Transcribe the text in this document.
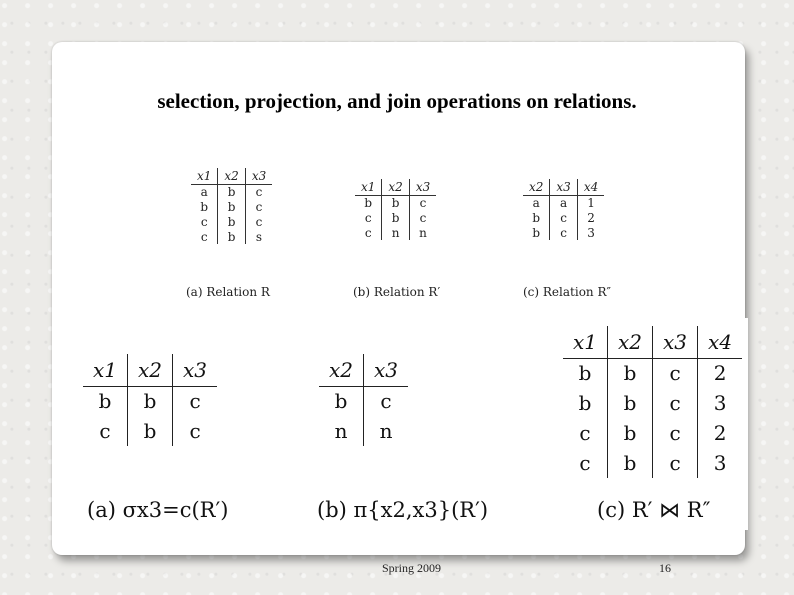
selection, projection, and join operations on relations.
x1	x2	x3
a	b	c
b	b	c
c	b	c
c	b	s
x1	x2	x3
b	b	c
c	b	c
c	n	n
x2	x3	x4
a	a	1
b	c	2
b	c	3
(a) Relation R	(b) Relation R′	(c) Relation R″
x1	x2	x3
b	b	c
c	b	c
x2	x3
b	c
n	n
x1	x2	x3	x4
b	b	c	2
b	b	c	3
c	b	c	2
c	b	c	3
(a) σx3=c(R′)	(b) π{x2,x3}(R′)	(c) R′ ⋈ R″
Spring 2009	16
